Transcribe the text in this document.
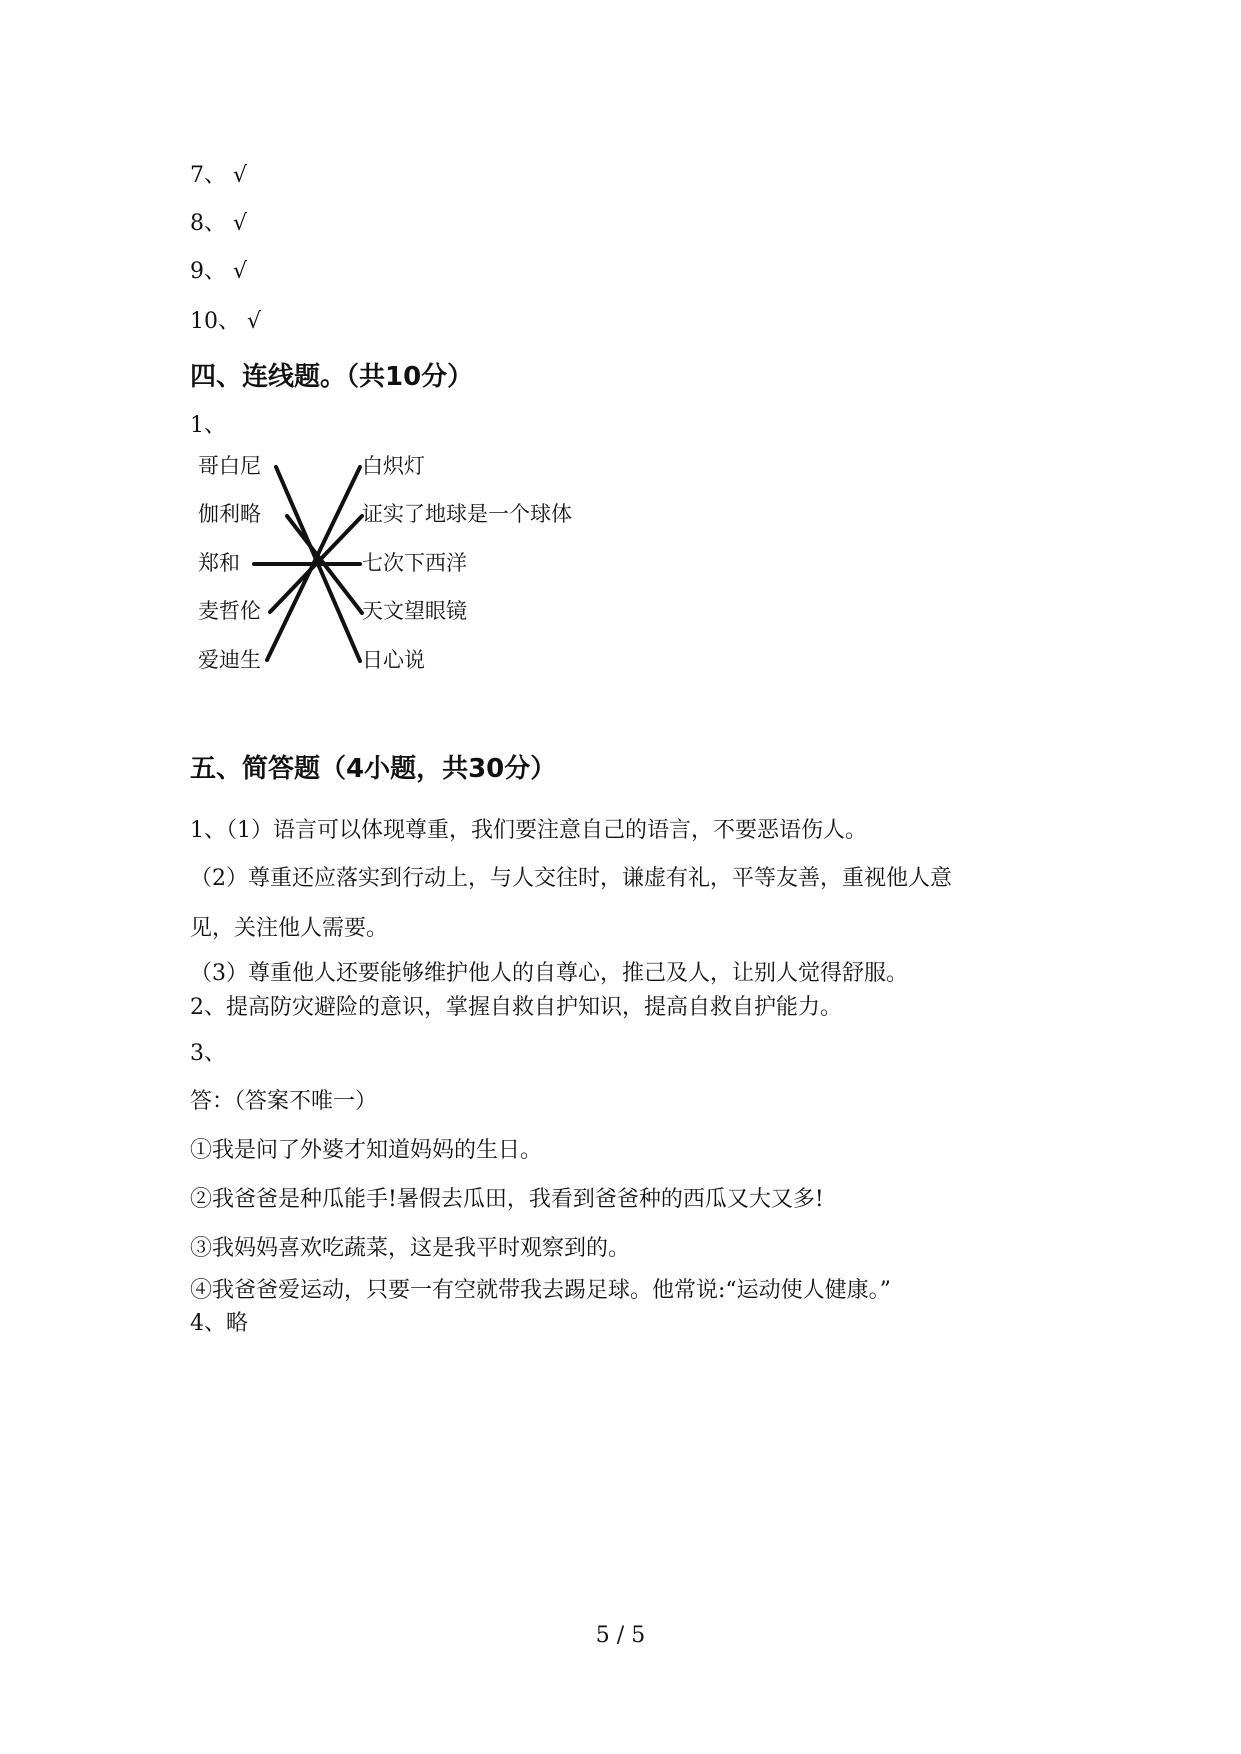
7、 √
8、 √
9、 √
10、 √
四、连线题。（共10分）
1、
哥白尼
伽利略
郑和
麦哲伦
爱迪生
白炽灯
证实了地球是一个球体
七次下西洋
天文望眼镜
日心说
五、简答题（4小题，共30分）
1、（1）语言可以体现尊重，我们要注意自己的语言，不要恶语伤人。
（2）尊重还应落实到行动上，与人交往时，谦虚有礼，平等友善，重视他人意
见，关注他人需要。
（3）尊重他人还要能够维护他人的自尊心，推己及人，让别人觉得舒服。
2、提高防灾避险的意识，掌握自救自护知识，提高自救自护能力。
3、
答：（答案不唯一）
①我是问了外婆才知道妈妈的生日。
②我爸爸是种瓜能手!暑假去瓜田，我看到爸爸种的西瓜又大又多!
③我妈妈喜欢吃蔬菜，这是我平时观察到的。
④我爸爸爱运动，只要一有空就带我去踢足球。他常说:“运动使人健康。”
4、略
5 / 5
